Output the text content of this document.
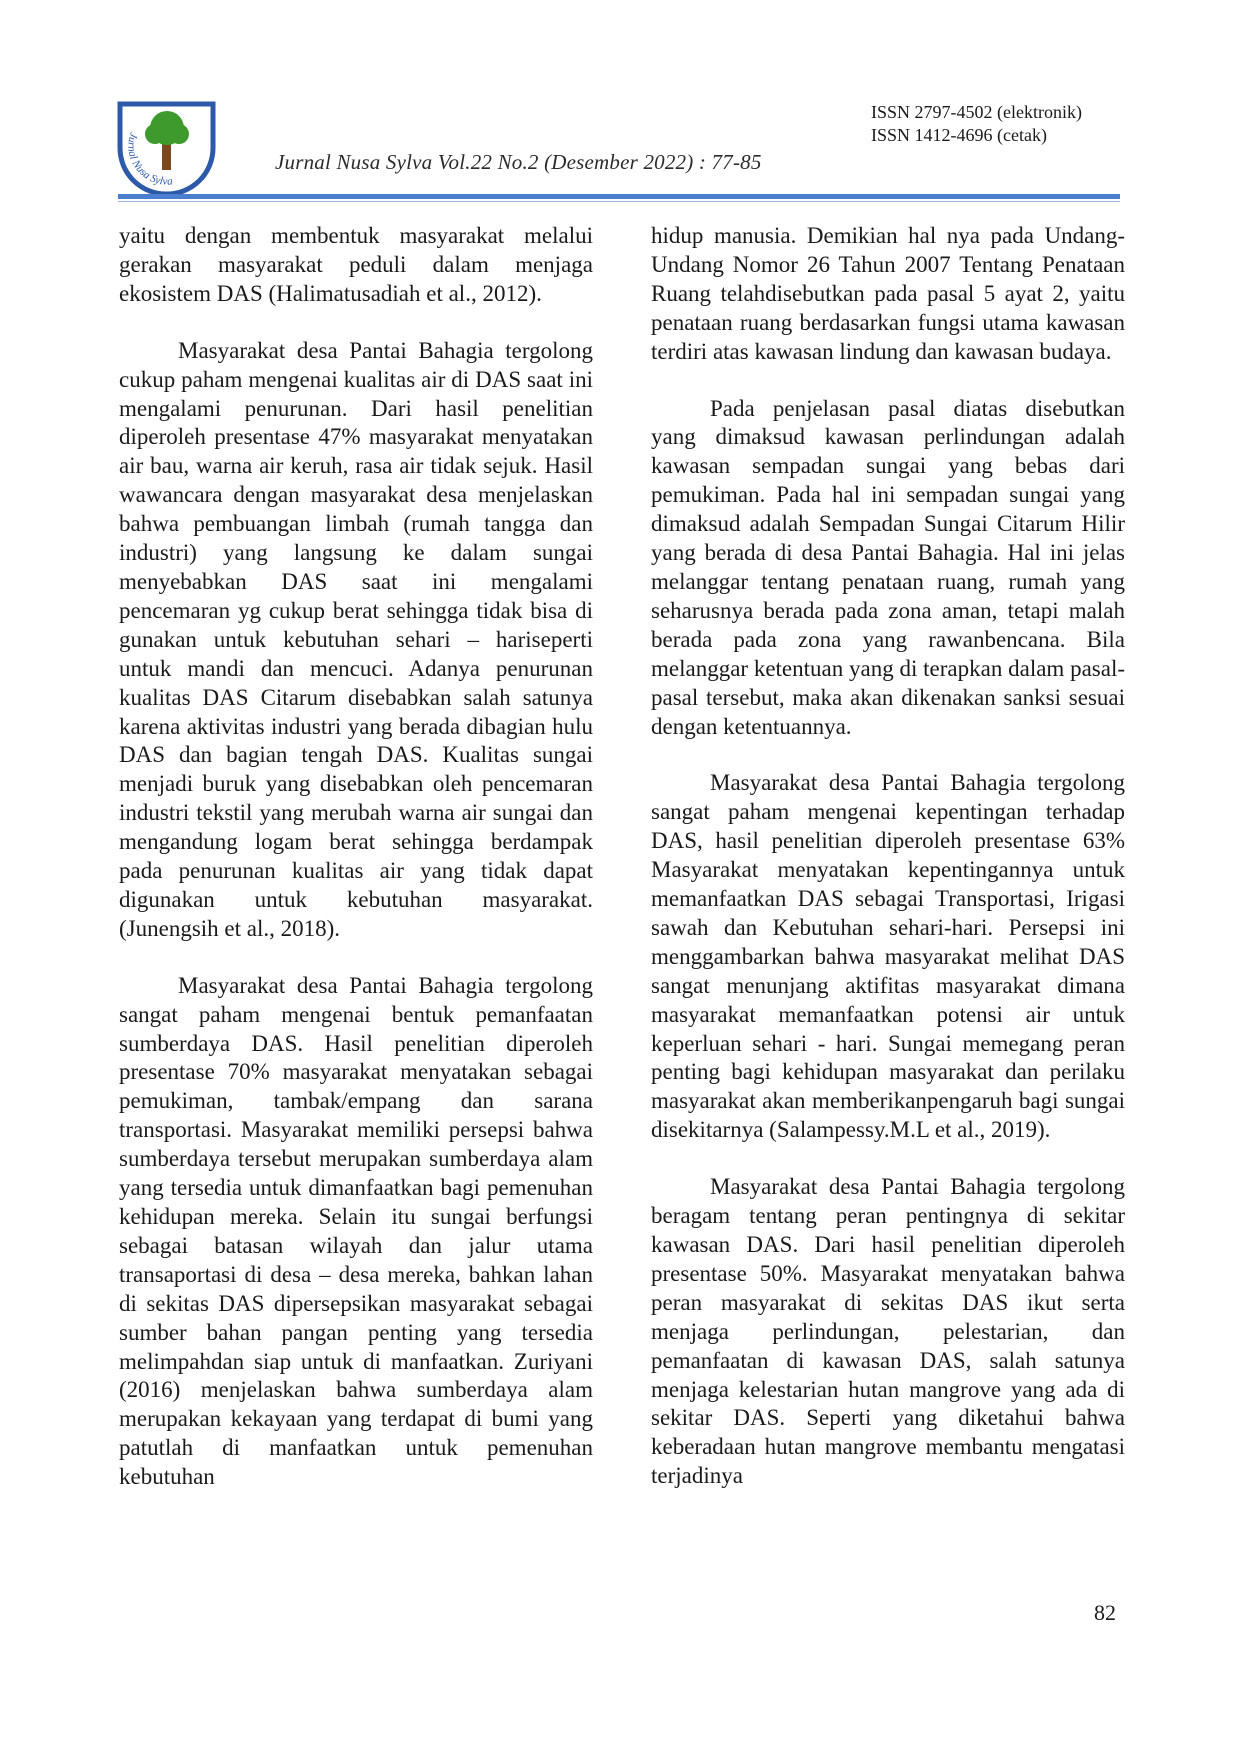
Jurnal Nusa Sylva
Jurnal Nusa Sylva Vol.22 No.2 (Desember 2022) : 77-85
ISSN 2797-4502 (elektronik)
ISSN 1412-4696 (cetak)

yaitu dengan membentuk masyarakat melalui gerakan masyarakat peduli dalam menjaga ekosistem DAS (Halimatusadiah et al., 2012).

Masyarakat desa Pantai Bahagia tergolong cukup paham mengenai kualitas air di DAS saat ini mengalami penurunan. Dari hasil penelitian diperoleh presentase 47% masyarakat menyatakan air bau, warna air keruh, rasa air tidak sejuk. Hasil wawancara dengan masyarakat desa menjelaskan bahwa pembuangan limbah (rumah tangga dan industri) yang langsung ke dalam sungai menyebabkan DAS saat ini mengalami pencemaran yg cukup berat sehingga tidak bisa di gunakan untuk kebutuhan sehari – hariseperti untuk mandi dan mencuci. Adanya penurunan kualitas DAS Citarum disebabkan salah satunya karena aktivitas industri yang berada dibagian hulu DAS dan bagian tengah DAS. Kualitas sungai menjadi buruk yang disebabkan oleh pencemaran industri tekstil yang merubah warna air sungai dan mengandung logam berat sehingga berdampak pada penurunan kualitas air yang tidak dapat digunakan untuk kebutuhan masyarakat. (Junengsih et al., 2018).

Masyarakat desa Pantai Bahagia tergolong sangat paham mengenai bentuk pemanfaatan sumberdaya DAS. Hasil penelitian diperoleh presentase 70% masyarakat menyatakan sebagai pemukiman, tambak/empang dan sarana transportasi. Masyarakat memiliki persepsi bahwa sumberdaya tersebut merupakan sumberdaya alam yang tersedia untuk dimanfaatkan bagi pemenuhan kehidupan mereka. Selain itu sungai berfungsi sebagai batasan wilayah dan jalur utama transaportasi di desa – desa mereka, bahkan lahan di sekitas DAS dipersepsikan masyarakat sebagai sumber bahan pangan penting yang tersedia melimpahdan siap untuk di manfaatkan. Zuriyani (2016) menjelaskan bahwa sumberdaya alam merupakan kekayaan yang terdapat di bumi yang patutlah di manfaatkan untuk pemenuhan kebutuhan

hidup manusia. Demikian hal nya pada Undang-Undang Nomor 26 Tahun 2007 Tentang Penataan Ruang telahdisebutkan pada pasal 5 ayat 2, yaitu penataan ruang berdasarkan fungsi utama kawasan terdiri atas kawasan lindung dan kawasan budaya.

Pada penjelasan pasal diatas disebutkan yang dimaksud kawasan perlindungan adalah kawasan sempadan sungai yang bebas dari pemukiman. Pada hal ini sempadan sungai yang dimaksud adalah Sempadan Sungai Citarum Hilir yang berada di desa Pantai Bahagia. Hal ini jelas melanggar tentang penataan ruang, rumah yang seharusnya berada pada zona aman, tetapi malah berada pada zona yang rawanbencana. Bila melanggar ketentuan yang di terapkan dalam pasal-pasal tersebut, maka akan dikenakan sanksi sesuai dengan ketentuannya.

Masyarakat desa Pantai Bahagia tergolong sangat paham mengenai kepentingan terhadap DAS, hasil penelitian diperoleh presentase 63% Masyarakat menyatakan kepentingannya untuk memanfaatkan DAS sebagai Transportasi, Irigasi sawah dan Kebutuhan sehari-hari. Persepsi ini menggambarkan bahwa masyarakat melihat DAS sangat menunjang aktifitas masyarakat dimana masyarakat memanfaatkan potensi air untuk keperluan sehari - hari. Sungai memegang peran penting bagi kehidupan masyarakat dan perilaku masyarakat akan memberikanpengaruh bagi sungai disekitarnya (Salampessy.M.L et al., 2019).

Masyarakat desa Pantai Bahagia tergolong beragam tentang peran pentingnya di sekitar kawasan DAS. Dari hasil penelitian diperoleh presentase 50%. Masyarakat menyatakan bahwa peran masyarakat di sekitas DAS ikut serta menjaga perlindungan, pelestarian, dan pemanfaatan di kawasan DAS, salah satunya menjaga kelestarian hutan mangrove yang ada di sekitar DAS. Seperti yang diketahui bahwa keberadaan hutan mangrove membantu mengatasi terjadinya

82
